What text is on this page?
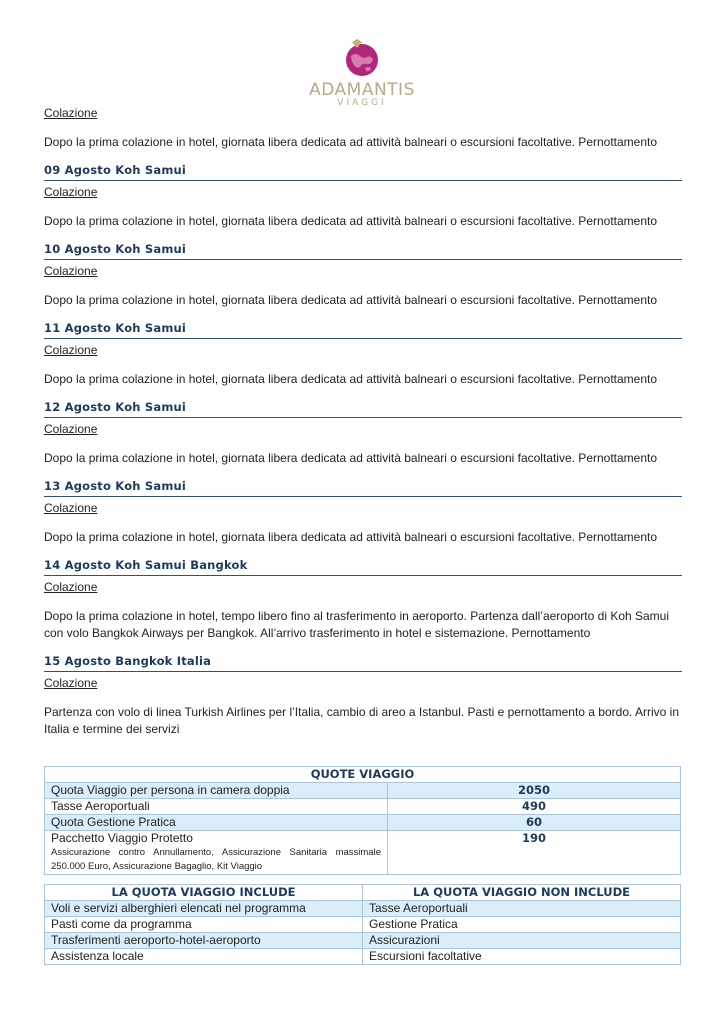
ADAMANTIS
VIAGGI
Colazione
Dopo la prima colazione in hotel, giornata libera dedicata ad attività balneari o escursioni facoltative. Pernottamento
09 Agosto Koh Samui
Colazione
Dopo la prima colazione in hotel, giornata libera dedicata ad attività balneari o escursioni facoltative. Pernottamento
10 Agosto Koh Samui
Colazione
Dopo la prima colazione in hotel, giornata libera dedicata ad attività balneari o escursioni facoltative. Pernottamento
11 Agosto Koh Samui
Colazione
Dopo la prima colazione in hotel, giornata libera dedicata ad attività balneari o escursioni facoltative. Pernottamento
12 Agosto Koh Samui
Colazione
Dopo la prima colazione in hotel, giornata libera dedicata ad attività balneari o escursioni facoltative. Pernottamento
13 Agosto Koh Samui
Colazione
Dopo la prima colazione in hotel, giornata libera dedicata ad attività balneari o escursioni facoltative. Pernottamento
14 Agosto Koh Samui Bangkok
Colazione
Dopo la prima colazione in hotel, tempo libero fino al trasferimento in aeroporto. Partenza dall’aeroporto di Koh Samui con volo Bangkok Airways per Bangkok. All’arrivo trasferimento in hotel e sistemazione. Pernottamento
15 Agosto Bangkok Italia
Colazione
Partenza con volo di linea Turkish Airlines per l’Italia, cambio di areo a Istanbul. Pasti e pernottamento a bordo. Arrivo in Italia e termine dei servizi
QUOTE VIAGGIO	
Quota Viaggio per persona in camera doppia	2050
Tasse Aeroportuali	490
Quota Gestione Pratica	60
Pacchetto Viaggio Protetto
Assicurazione contro Annullamento, Assicurazione Sanitaria massimale 250.000 Euro, Assicurazione Bagaglio, Kit Viaggio	190
LA QUOTA VIAGGIO INCLUDE	LA QUOTA VIAGGIO NON INCLUDE
Voli e servizi alberghieri elencati nel programma	Tasse Aeroportuali
Pasti come da programma	Gestione Pratica
Trasferimenti aeroporto-hotel-aeroporto	Assicurazioni
Assistenza locale	Escursioni facoltative
